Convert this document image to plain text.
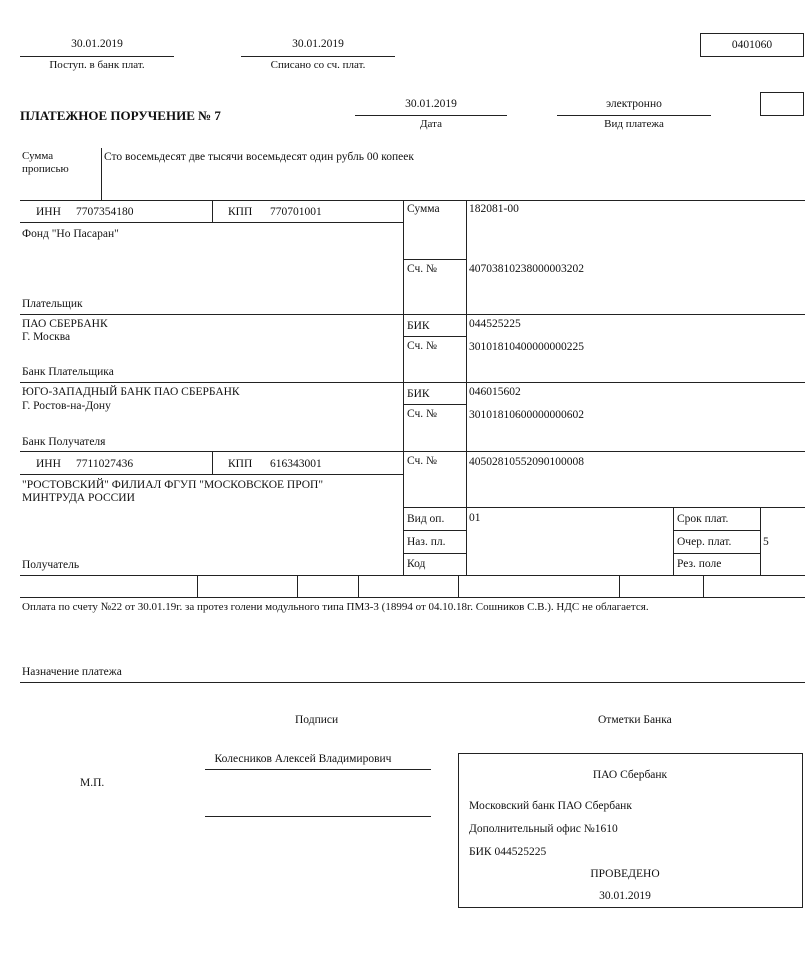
30.01.2019
Поступ. в банк плат.
30.01.2019
Списано со сч. плат.
0401060
ПЛАТЕЖНОЕ ПОРУЧЕНИЕ № 7
30.01.2019
Дата
электронно
Вид платежа
Сумма
прописью
Сто восемьдесят две тысячи восемьдесят один рубль 00 копеек
ИНН 7707354180	КПП 770701001
Фонд "Но Пасаран"
Плательщик
Сумма	182081-00
Сч. №	40703810238000003202
ПАО СБЕРБАНК
Г. Москва
Банк Плательщика
БИК	044525225
Сч. №	30101810400000000225
ЮГО-ЗАПАДНЫЙ БАНК ПАО СБЕРБАНК
Г. Ростов-на-Дону
Банк Получателя
БИК	046015602
Сч. №	30101810600000000602
ИНН 7711027436	КПП 616343001
"РОСТОВСКИЙ" ФИЛИАЛ ФГУП "МОСКОВСКОЕ ПРОП"
МИНТРУДА РОССИИ
Получатель
Сч. №	40502810552090100008
Вид оп. 01
Наз. пл.
Код
Срок плат.
Очер. плат.	5
Рез. поле
Оплата по счету №22 от 30.01.19г. за протез голени модульного типа ПМЗ-3 (18994 от 04.10.18г. Сошников С.В.). НДС не облагается.
Назначение платежа
Подписи	Отметки Банка
Колесников Алексей Владимирович
М.П.
ПАО Сбербанк
Московский банк ПАО Сбербанк
Дополнительный офис №1610
БИК 044525225
ПРОВЕДЕНО
30.01.2019
